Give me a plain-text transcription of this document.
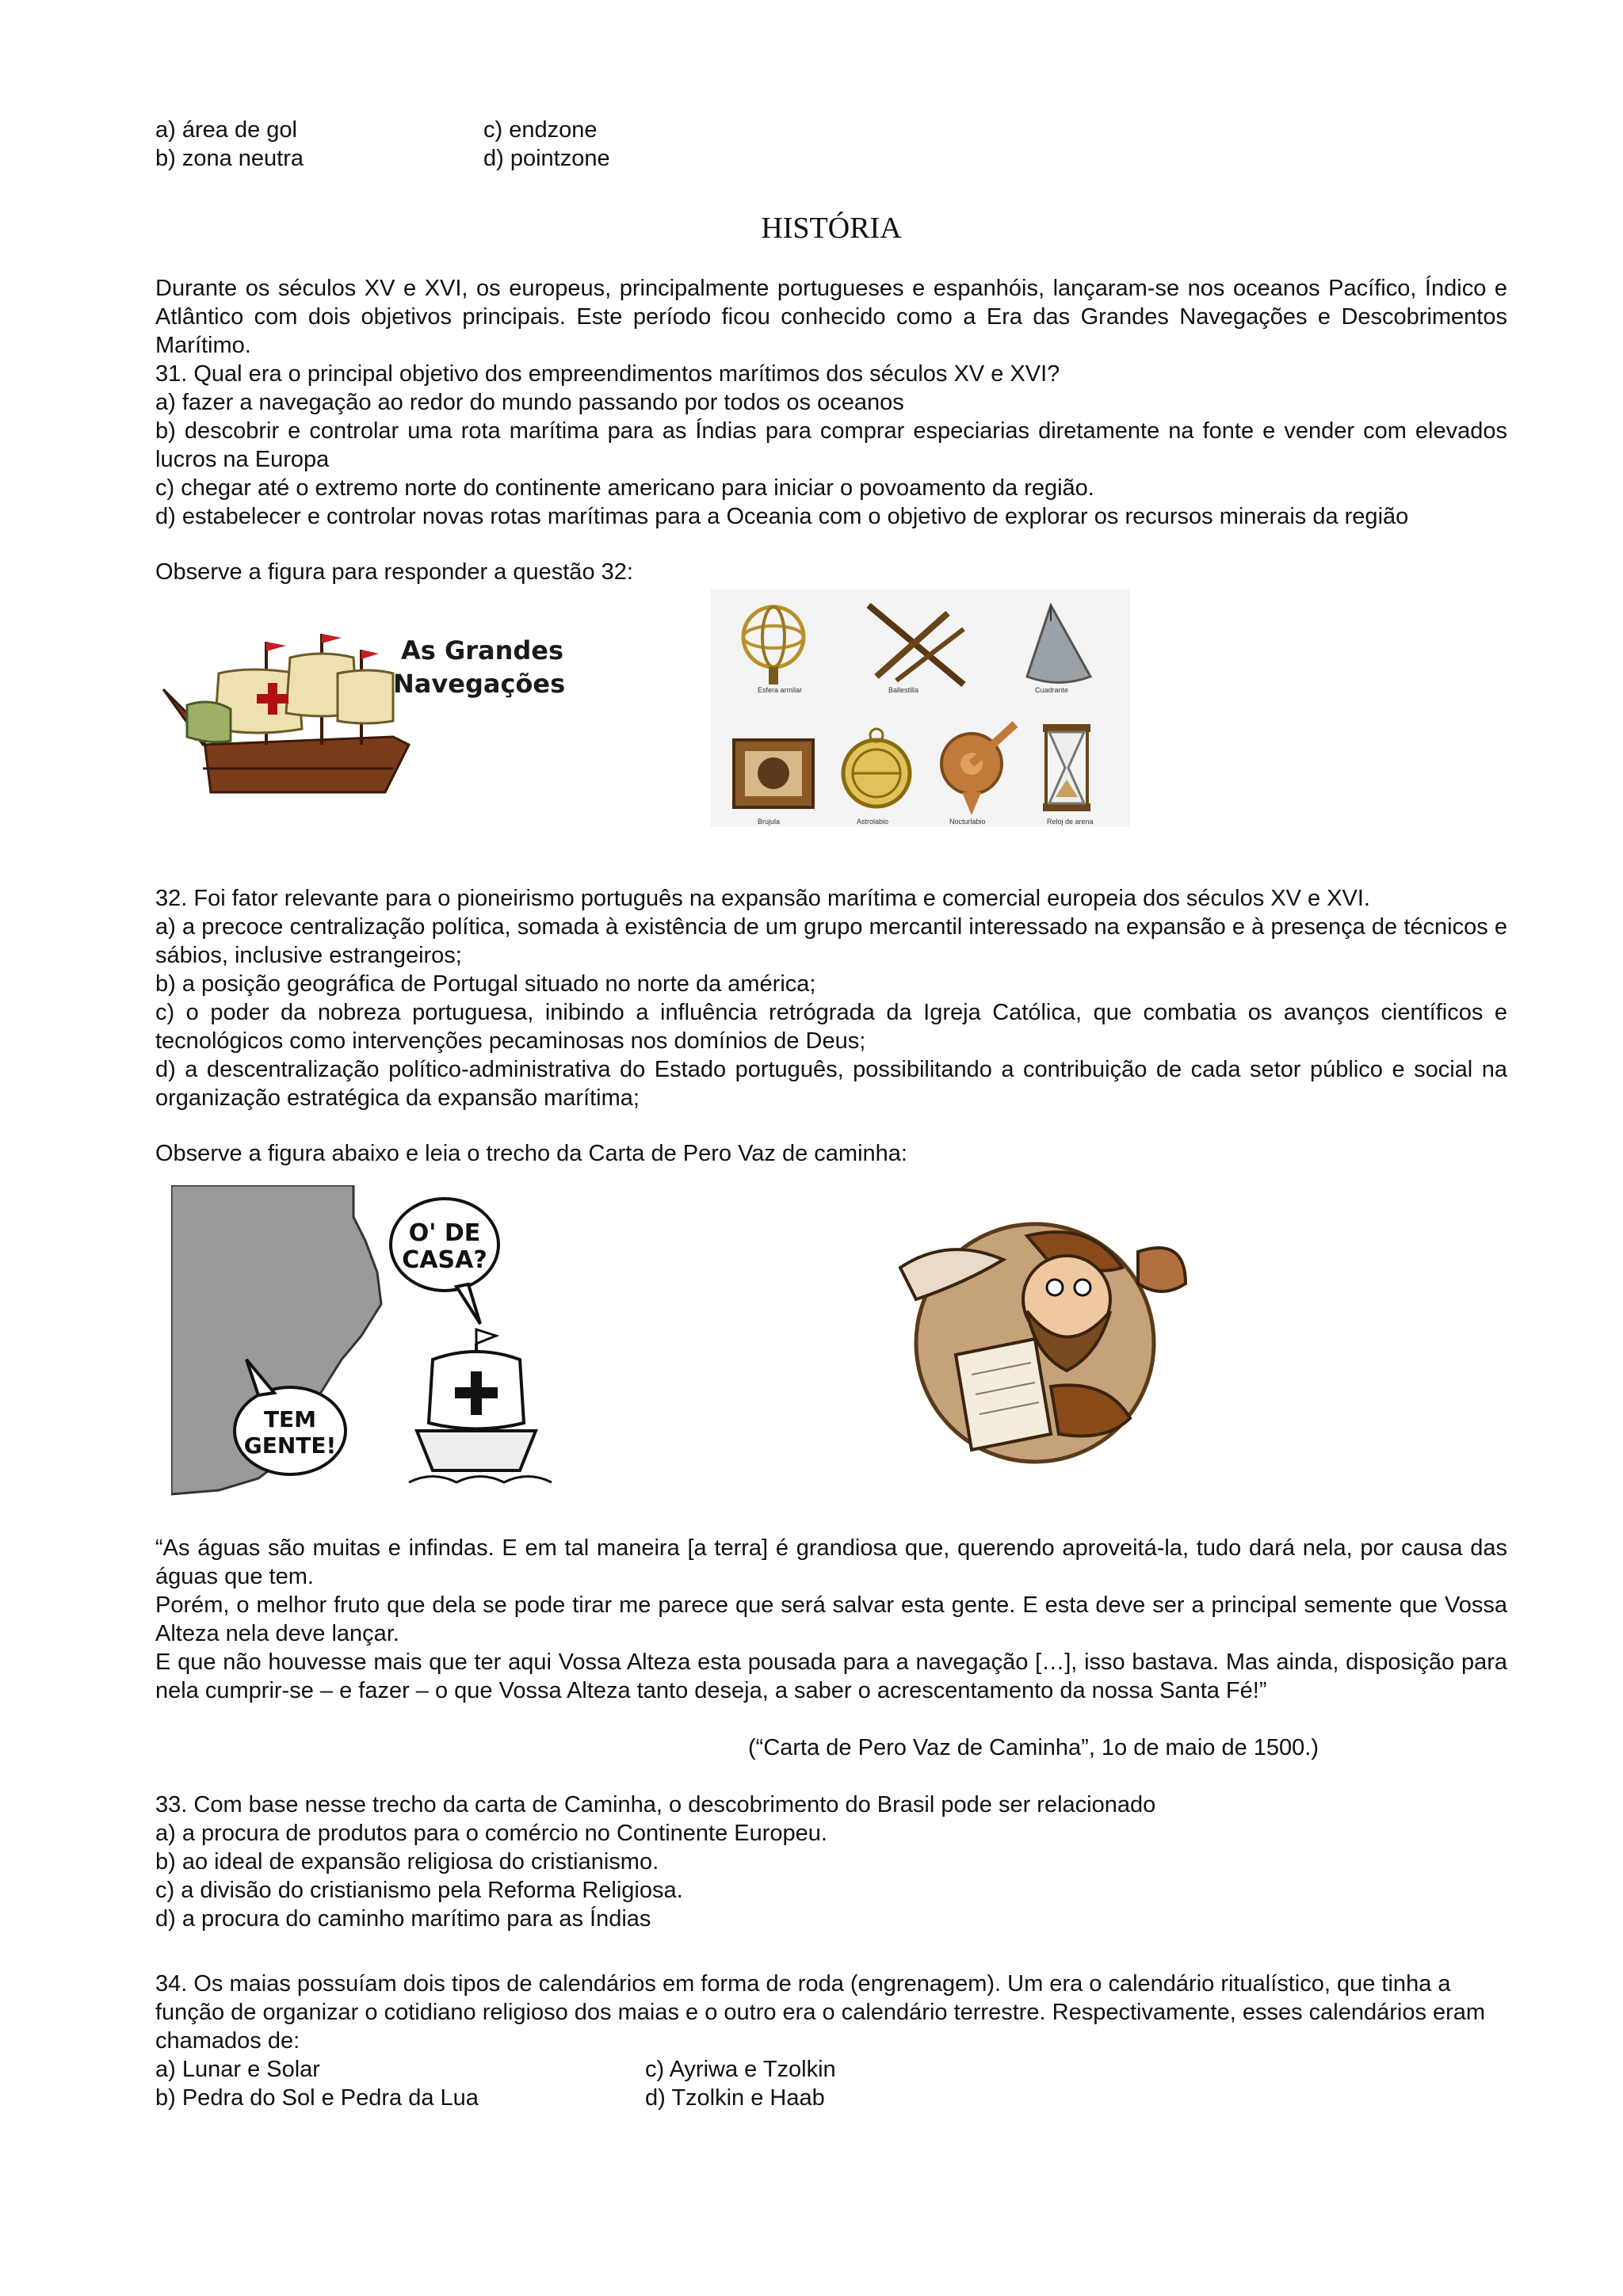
a) área de gol	c) endzone
b) zona neutra	d) pointzone
HISTÓRIA

Durante os séculos XV e XVI, os europeus, principalmente portugueses e espanhóis, lançaram-se nos oceanos Pacífico, Índico e Atlântico com dois objetivos principais. Este período ficou conhecido como a Era das Grandes Navegações e Descobrimentos Marítimo.

31. Qual era o principal objetivo dos empreendimentos marítimos dos séculos XV e XVI?

a) fazer a navegação ao redor do mundo passando por todos os oceanos

b) descobrir e controlar uma rota marítima para as Índias para comprar especiarias diretamente na fonte e vender com elevados lucros na Europa

c) chegar até o extremo norte do continente americano para iniciar o povoamento da região.

d) estabelecer e controlar novas rotas marítimas para a Oceania com o objetivo de explorar os recursos minerais da região

Observe a figura para responder a questão 32:

As Grandes
Navegações	Esfera armilar	Ballestilla	Cuadrante
Brujula	Astrolabio	Nocturlabio	Reloj de arena

32. Foi fator relevante para o pioneirismo português na expansão marítima e comercial europeia dos séculos XV e XVI.

a) a precoce centralização política, somada à existência de um grupo mercantil interessado na expansão e à presença de técnicos e sábios, inclusive estrangeiros;

b) a posição geográfica de Portugal situado no norte da américa;

c) o poder da nobreza portuguesa, inibindo a influência retrógrada da Igreja Católica, que combatia os avanços científicos e tecnológicos como intervenções pecaminosas nos domínios de Deus;

d) a descentralização político-administrativa do Estado português, possibilitando a contribuição de cada setor público e social na organização estratégica da expansão marítima;

Observe a figura abaixo e leia o trecho da Carta de Pero Vaz de caminha:

O' DE
CASA?
TEM
GENTE!

“As águas são muitas e infindas. E em tal maneira [a terra] é grandiosa que, querendo aproveitá-la, tudo dará nela, por causa das águas que tem.

Porém, o melhor fruto que dela se pode tirar me parece que será salvar esta gente. E esta deve ser a principal semente que Vossa Alteza nela deve lançar.

E que não houvesse mais que ter aqui Vossa Alteza esta pousada para a navegação […], isso bastava. Mas ainda, disposição para nela cumprir-se – e fazer – o que Vossa Alteza tanto deseja, a saber o acrescentamento da nossa Santa Fé!”

(“Carta de Pero Vaz de Caminha”, 1o de maio de 1500.)

33. Com base nesse trecho da carta de Caminha, o descobrimento do Brasil pode ser relacionado

a) a procura de produtos para o comércio no Continente Europeu.

b) ao ideal de expansão religiosa do cristianismo.

c) a divisão do cristianismo pela Reforma Religiosa.

d) a procura do caminho marítimo para as Índias

34. Os maias possuíam dois tipos de calendários em forma de roda (engrenagem). Um era o calendário ritualístico, que tinha a função de organizar o cotidiano religioso dos maias e o outro era o calendário terrestre. Respectivamente, esses calendários eram chamados de:

a) Lunar e Solar	c) Ayriwa e Tzolkin
b) Pedra do Sol e Pedra da Lua	d) Tzolkin e Haab
